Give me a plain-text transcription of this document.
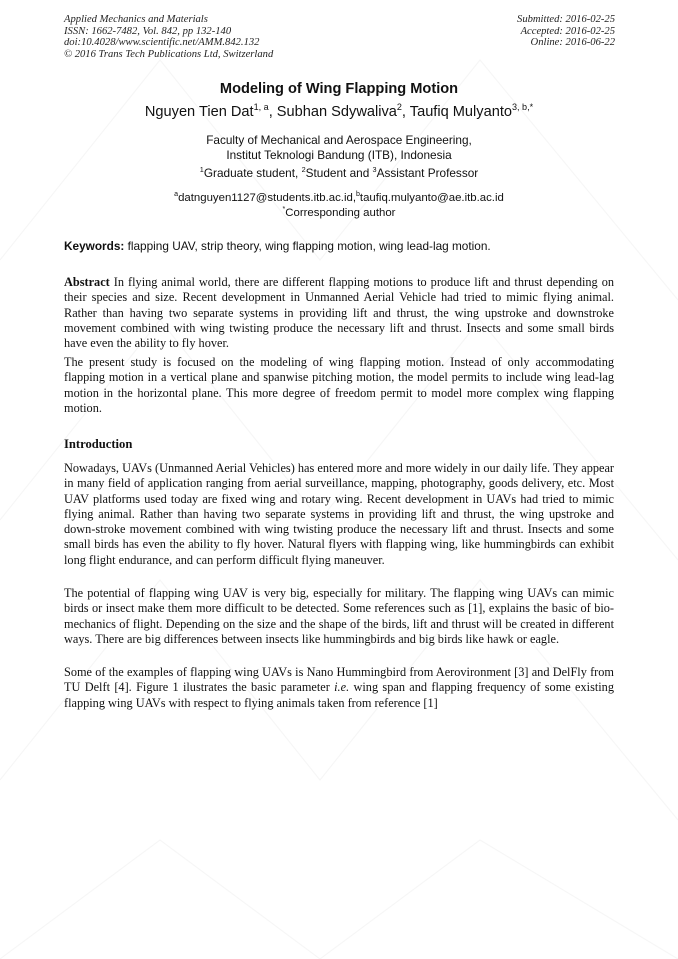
Applied Mechanics and Materials
ISSN: 1662-7482, Vol. 842, pp 132-140
doi:10.4028/www.scientific.net/AMM.842.132
© 2016 Trans Tech Publications Ltd, Switzerland
Submitted: 2016-02-25
Accepted: 2016-02-25
Online: 2016-06-22
Modeling of Wing Flapping Motion
Nguyen Tien Dat$^{1, a}$, Subhan Sdywaliva$^2$, Taufiq Mulyanto$^{3, b,*}$
Faculty of Mechanical and Aerospace Engineering,
Institut Teknologi Bandung (ITB), Indonesia
$^1$Graduate student, $^2$Student and $^3$Assistant Professor
$^a$datnguyen1127@students.itb.ac.id,$^b$taufiq.mulyanto@ae.itb.ac.id
*Corresponding author
Keywords: flapping UAV, strip theory, wing flapping motion, wing lead-lag motion.

Abstract In flying animal world, there are different flapping motions to produce lift and thrust depending on their species and size. Recent development in Unmanned Aerial Vehicle had tried to mimic flying animal. Rather than having two separate systems in providing lift and thrust, the wing upstroke and downstroke movement combined with wing twisting produce the necessary lift and thrust. Insects and some small birds have even the ability to fly hover.

The present study is focused on the modeling of wing flapping motion. Instead of only accommodating flapping motion in a vertical plane and spanwise pitching motion, the model permits to include wing lead-lag motion in the horizontal plane. This more degree of freedom permit to model more complex wing flapping motion.

Introduction

Nowadays, UAVs (Unmanned Aerial Vehicles) has entered more and more widely in our daily life. They appear in many field of application ranging from aerial surveillance, mapping, photography, goods delivery, etc. Most UAV platforms used today are fixed wing and rotary wing. Recent development in UAVs had tried to mimic flying animal. Rather than having two separate systems in providing lift and thrust, the wing upstroke and down-stroke movement combined with wing twisting produce the necessary lift and thrust. Insects and some small birds has even the ability to fly hover. Natural flyers with flapping wing, like hummingbirds can exhibit long flight endurance, and can perform difficult flying maneuver.

The potential of flapping wing UAV is very big, especially for military. The flapping wing UAVs can mimic birds or insect make them more difficult to be detected. Some references such as [1], explains the basic of bio-mechanics of flight. Depending on the size and the shape of the birds, lift and thrust will be created in different ways. There are big differences between insects like hummingbirds and big birds like hawk or eagle.

Some of the examples of flapping wing UAVs is Nano Hummingbird from Aerovironment [3] and DelFly from TU Delft [4]. Figure 1 ilustrates the basic parameter i.e. wing span and flapping frequency of some existing flapping wing UAVs with respect to flying animals taken from reference [1]
